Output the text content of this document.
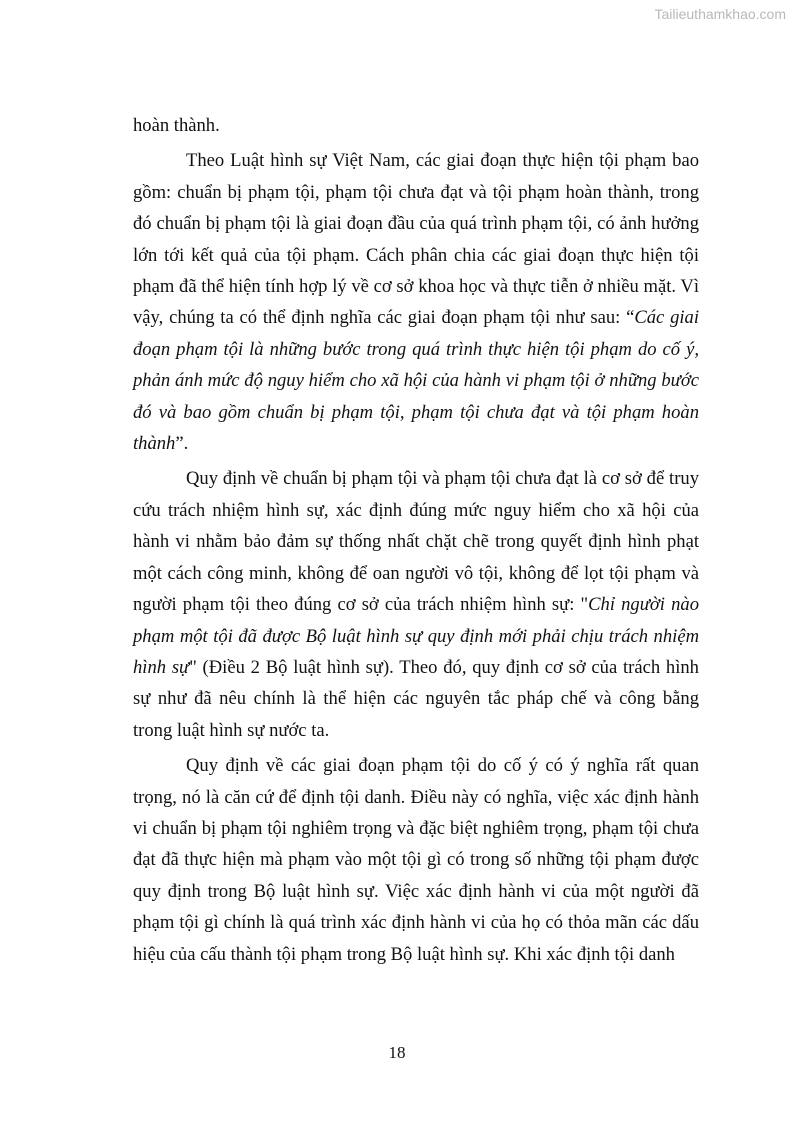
Tailieuthamkhao.com

hoàn thành.

Theo Luật hình sự Việt Nam, các giai đoạn thực hiện tội phạm bao gồm: chuẩn bị phạm tội, phạm tội chưa đạt và tội phạm hoàn thành, trong đó chuẩn bị phạm tội là giai đoạn đầu của quá trình phạm tội, có ảnh hưởng lớn tới kết quả của tội phạm. Cách phân chia các giai đoạn thực hiện tội phạm đã thể hiện tính hợp lý về cơ sở khoa học và thực tiễn ở nhiều mặt. Vì vậy, chúng ta có thể định nghĩa các giai đoạn phạm tội như sau: “Các giai đoạn phạm tội là những bước trong quá trình thực hiện tội phạm do cố ý, phản ánh mức độ nguy hiểm cho xã hội của hành vi phạm tội ở những bước đó và bao gồm chuẩn bị phạm tội, phạm tội chưa đạt và tội phạm hoàn thành”.

Quy định về chuẩn bị phạm tội và phạm tội chưa đạt là cơ sở để truy cứu trách nhiệm hình sự, xác định đúng mức nguy hiểm cho xã hội của hành vi nhằm bảo đảm sự thống nhất chặt chẽ trong quyết định hình phạt một cách công minh, không để oan người vô tội, không để lọt tội phạm và người phạm tội theo đúng cơ sở của trách nhiệm hình sự: "Chỉ người nào phạm một tội đã được Bộ luật hình sự quy định mới phải chịu trách nhiệm hình sự" (Điều 2 Bộ luật hình sự). Theo đó, quy định cơ sở của trách hình sự như đã nêu chính là thể hiện các nguyên tắc pháp chế và công bằng trong luật hình sự nước ta.

Quy định về các giai đoạn phạm tội do cố ý có ý nghĩa rất quan trọng, nó là căn cứ để định tội danh. Điều này có nghĩa, việc xác định hành vi chuẩn bị phạm tội nghiêm trọng và đặc biệt nghiêm trọng, phạm tội chưa đạt đã thực hiện mà phạm vào một tội gì có trong số những tội phạm được quy định trong Bộ luật hình sự. Việc xác định hành vi của một người đã phạm tội gì chính là quá trình xác định hành vi của họ có thỏa mãn các dấu hiệu của cấu thành tội phạm trong Bộ luật hình sự. Khi xác định tội danh

18
